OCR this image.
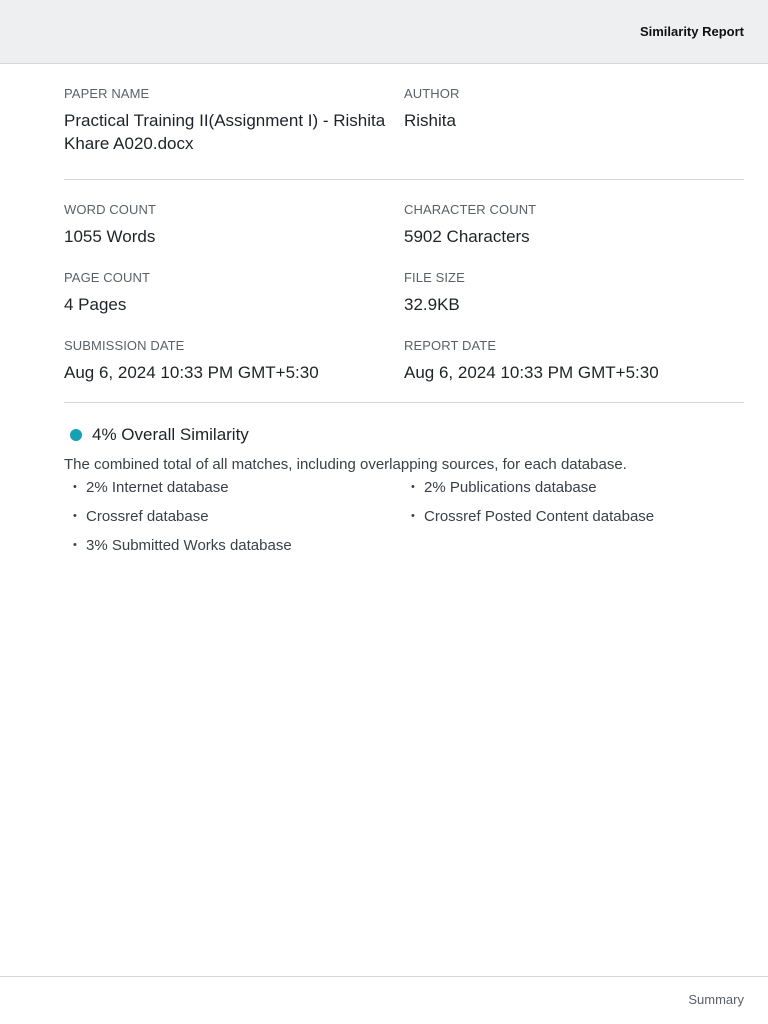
Similarity Report
PAPER NAME
Practical Training II(Assignment I) - Rishita Khare A020.docx
AUTHOR
Rishita
WORD COUNT
1055 Words
CHARACTER COUNT
5902 Characters
PAGE COUNT
4 Pages
FILE SIZE
32.9KB
SUBMISSION DATE
Aug 6, 2024 10:33 PM GMT+5:30
REPORT DATE
Aug 6, 2024 10:33 PM GMT+5:30
4% Overall Similarity
The combined total of all matches, including overlapping sources, for each database.
• 2% Internet database
• Crossref database
• 3% Submitted Works database
• 2% Publications database
• Crossref Posted Content database
Summary
